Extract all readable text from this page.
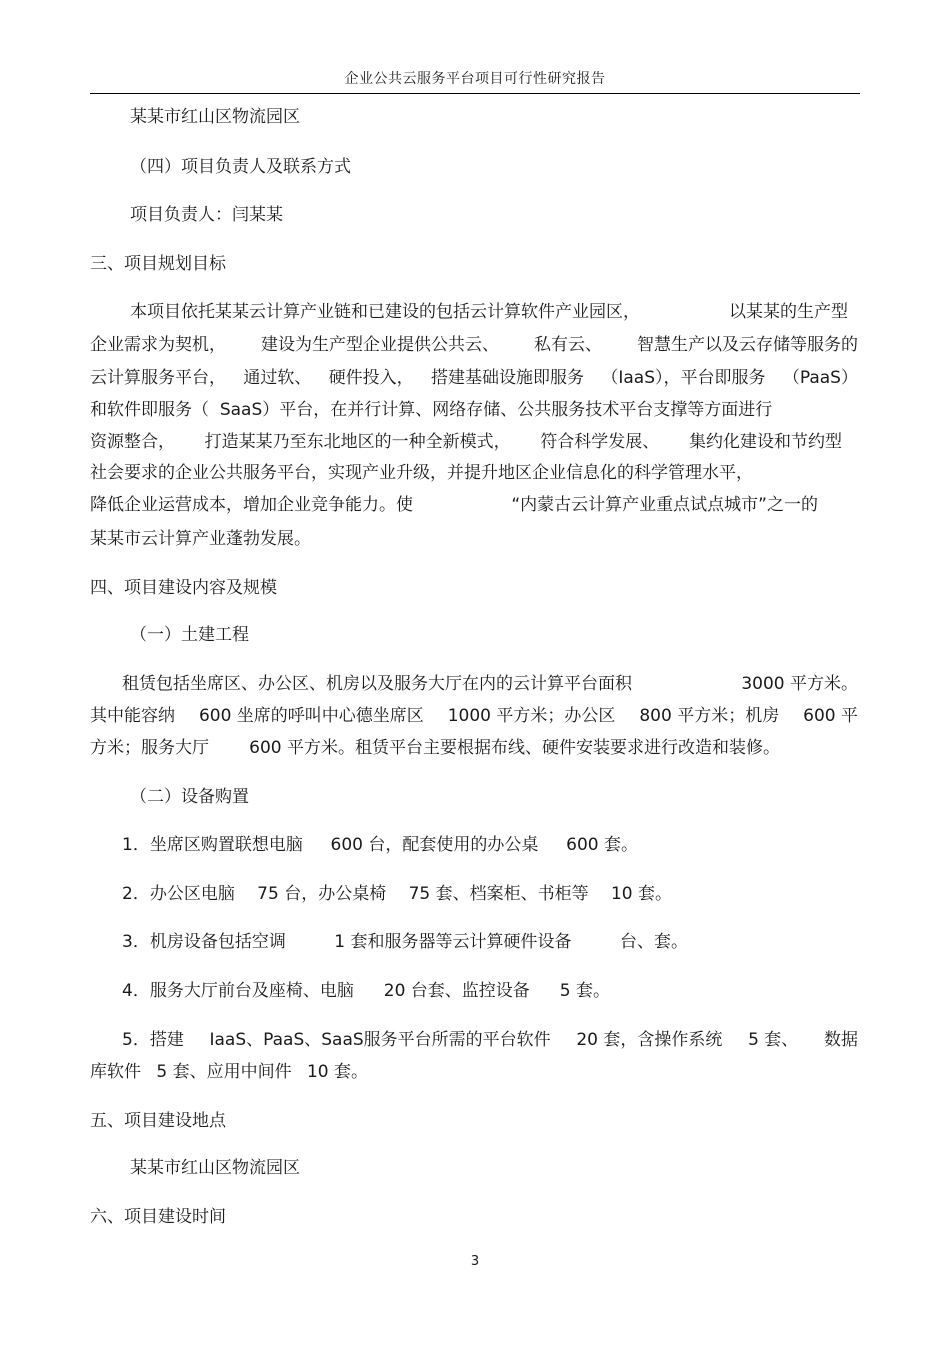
企业公共云服务平台项目可行性研究报告
某某市红山区物流园区
（四）项目负责人及联系方式
项目负责人：闫某某
三、项目规划目标
本项目依托某某云计算产业链和已建设的包括云计算软件产业园区，	以某某的生产型
企业需求为契机， 建设为生产型企业提供公共云、 私有云、 智慧生产以及云存储等服务的
云计算服务平台， 通过软、 硬件投入， 搭建基础设施即服务 （IaaS），平台即服务 （PaaS）
和软件即服务（ SaaS）平台，在并行计算、网络存储、公共服务技术平台支撑等方面进行
资源整合， 打造某某乃至东北地区的一种全新模式， 符合科学发展、 集约化建设和节约型
社会要求的企业公共服务平台，实现产业升级，并提升地区企业信息化的科学管理水平，
降低企业运营成本，增加企业竞争能力。使	“内蒙古云计算产业重点试点城市”之一的
某某市云计算产业蓬勃发展。
四、项目建设内容及规模
（一）土建工程
租赁包括坐席区、办公区、机房以及服务大厅在内的云计算平台面积	3000 平方米。
其中能容纳 600 坐席的呼叫中心德坐席区 1000 平方米；办公区 800 平方米；机房 600 平
方米；服务大厅 600 平方米。租赁平台主要根据布线、硬件安装要求进行改造和装修。
（二）设备购置
1．坐席区购置联想电脑 600 台，配套使用的办公桌 600 套。
2．办公区电脑 75 台，办公桌椅 75 套、档案柜、书柜等 10 套。
3．机房设备包括空调	1 套和服务器等云计算硬件设备	台、套。
4．服务大厅前台及座椅、电脑 20 台套、监控设备 5 套。
5．搭建 IaaS、PaaS、SaaS服务平台所需的平台软件 20 套，含操作系统 5 套、 数据
库软件 5 套、应用中间件 10 套。
五、项目建设地点
某某市红山区物流园区
六、项目建设时间
3
